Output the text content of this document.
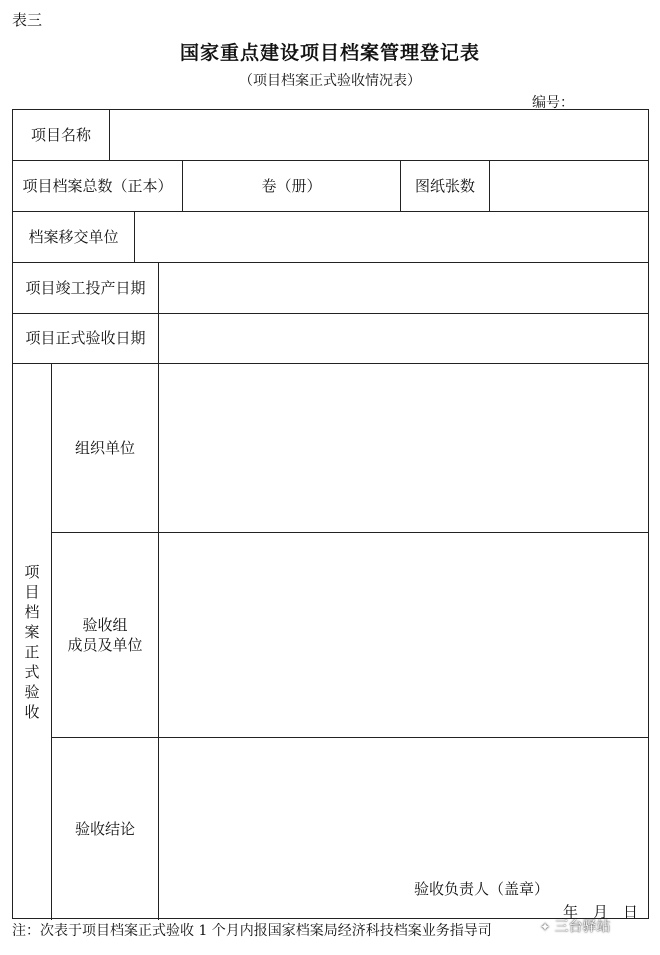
表三
国家重点建设项目档案管理登记表
（项目档案正式验收情况表）
编号：
项目名称
项目档案总数（正本）	卷（册）	图纸张数
档案移交单位
项目竣工投产日期
项目正式验收日期
项目档案正式验收
组织单位
验收组
成员及单位
验收结论
验收负责人（盖章）
年　月　日
注：次表于项目档案正式验收 1 个月内报国家档案局经济科技档案业务指导司	✦ 三台驿站
